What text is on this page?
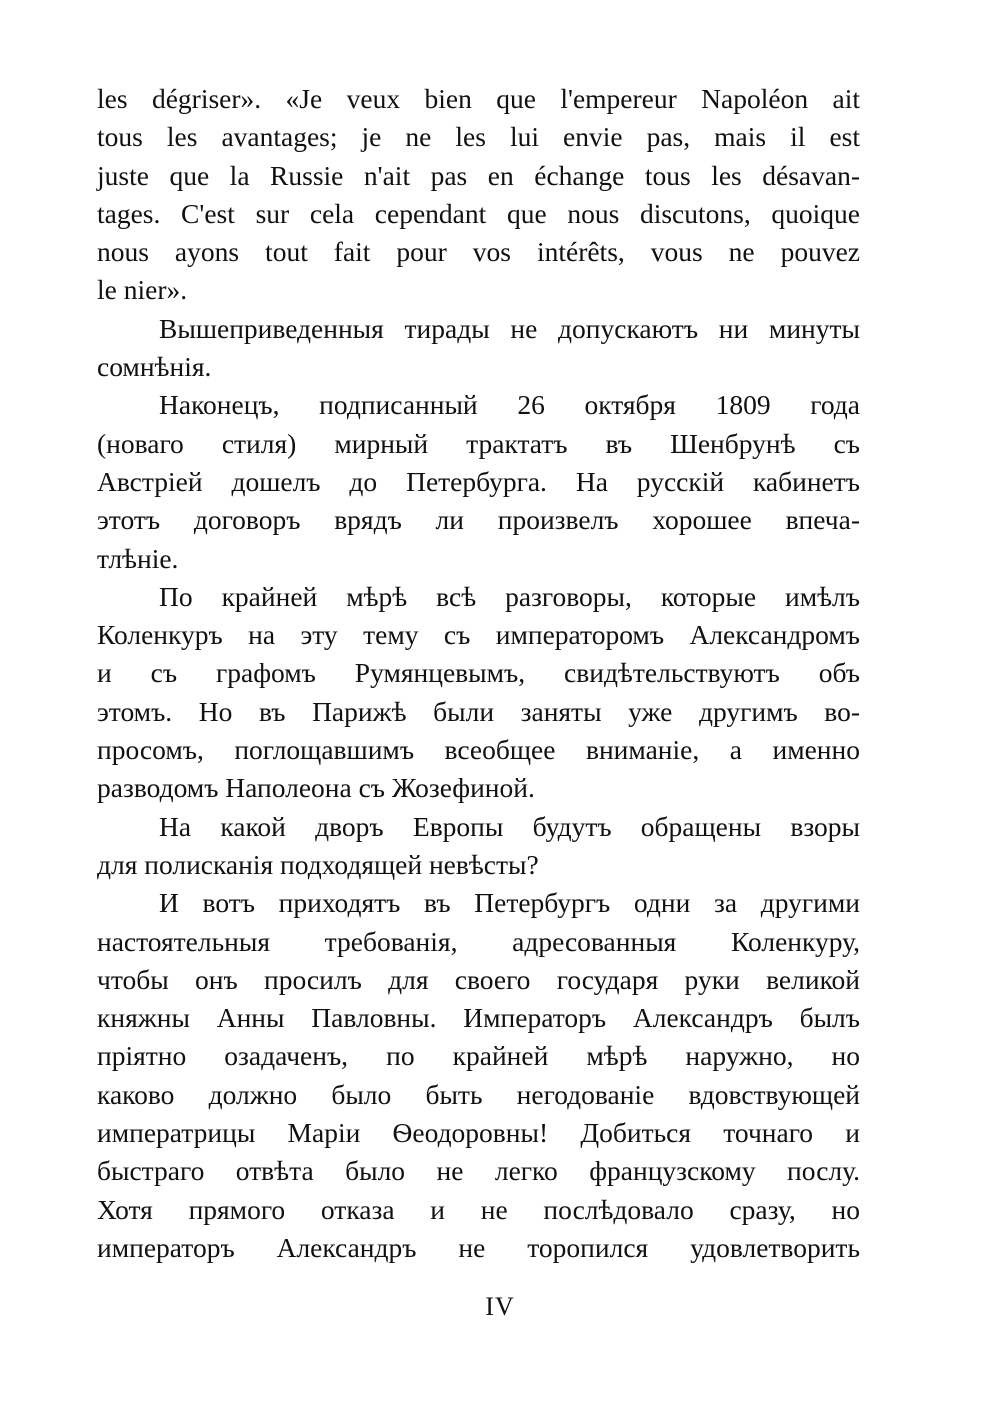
les dégriser». «Je veux bien que l'empereur Napoléon ait
tous les avantages; je ne les lui envie pas, mais il est
juste que la Russie n'ait pas en échange tous les désavan-
tages. C'est sur cela cependant que nous discutons, quoique
nous ayons tout fait pour vos intérêts, vous ne pouvez
le nier».
Вышеприведенныя тирады не допускаютъ ни минуты
сомнѣнія.
Наконецъ, подписанный 26 октября 1809 года
(новаго стиля) мирный трактатъ въ Шенбрунѣ съ
Австріей дошелъ до Петербурга. На русскій кабинетъ
этотъ договоръ врядъ ли произвелъ хорошее впеча-
тлѣніе.
По крайней мѣрѣ всѣ разговоры, которые имѣлъ
Коленкуръ на эту тему съ императоромъ Александромъ
и съ графомъ Румянцевымъ, свидѣтельствуютъ объ
этомъ. Но въ Парижѣ были заняты уже другимъ во-
просомъ, поглощавшимъ всеобщее вниманіе, а именно
разводомъ Наполеона съ Жозефиной.
На какой дворъ Европы будутъ обращены взоры
для полисканія подходящей невѣсты?
И вотъ приходятъ въ Петербургъ одни за другими
настоятельныя требованія, адресованныя Коленкуру,
чтобы онъ просилъ для своего государя руки великой
княжны Анны Павловны. Императоръ Александръ былъ
пріятно озадаченъ, по крайней мѣрѣ наружно, но
каково должно было быть негодованіе вдовствующей
императрицы Маріи Ѳеодоровны! Добиться точнаго и
быстраго отвѣта было не легко французскому послу.
Хотя прямого отказа и не послѣдовало сразу, но
императоръ Александръ не торопился удовлетворить
IV
